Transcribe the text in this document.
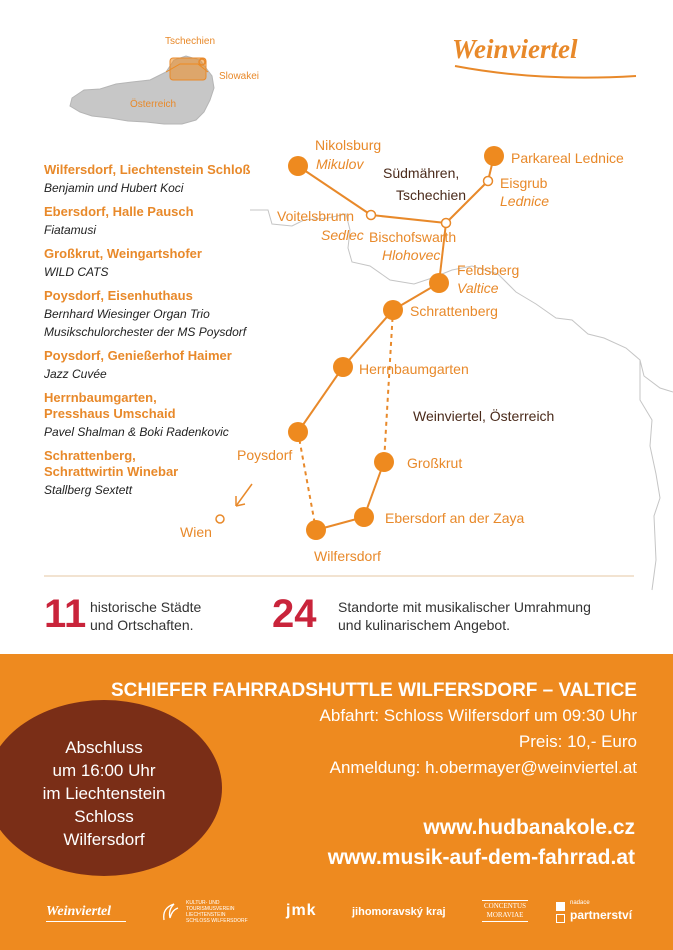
Tschechien
Slowakei
Österreich
Weinviertel
Nikolsburg
Mikulov	Parkareal Lednice
Eisgrub
Lednice
Voitelsbrunn
Sedlec Bischofswarth
Hlohovec
Feldsberg
Valtice
Schrattenberg
Herrnbaumgarten
Poysdorf	Großkrut
Ebersdorf an der Zaya
Wilfersdorf
Wien
Südmähren,
Tschechien
Weinviertel, Österreich
Wilfersdorf, Liechtenstein Schloß
Benjamin und Hubert Koci
Ebersdorf, Halle Pausch
Fiatamusi
Großkrut, Weingartshofer
WILD CATS
Poysdorf, Eisenhuthaus
Bernhard Wiesinger Organ Trio
Musikschulorchester der MS Poysdorf
Poysdorf, Genießerhof Haimer
Jazz Cuvée
Herrnbaumgarten,
Presshaus Umschaid
Pavel Shalman & Boki Radenkovic
Schrattenberg,
Schrattwirtin Winebar
Stallberg Sextett
11 historische Städte
und Ortschaften. 24 Standorte mit musikalischer Umrahmung
und kulinarischem Angebot.
SCHIEFER FAHRRADSHUTTLE WILFERSDORF – VALTICE
Abfahrt: Schloss Wilfersdorf um 09:30 Uhr
Preis: 10,- Euro
Anmeldung: h.obermayer@weinviertel.at
www.hudbanakole.cz
www.musik-auf-dem-fahrrad.at
Abschluss
um 16:00 Uhr
im Liechtenstein
Schloss
Wilfersdorf
Weinviertel
KULTUR- UND
TOURISMUSVEREIN
LIECHTENSTEIN
SCHLOSS WILFERSDORF
jmk	jihomoravský kraj	CONCENTUS
MORAVIAE
nadace
partnerství
